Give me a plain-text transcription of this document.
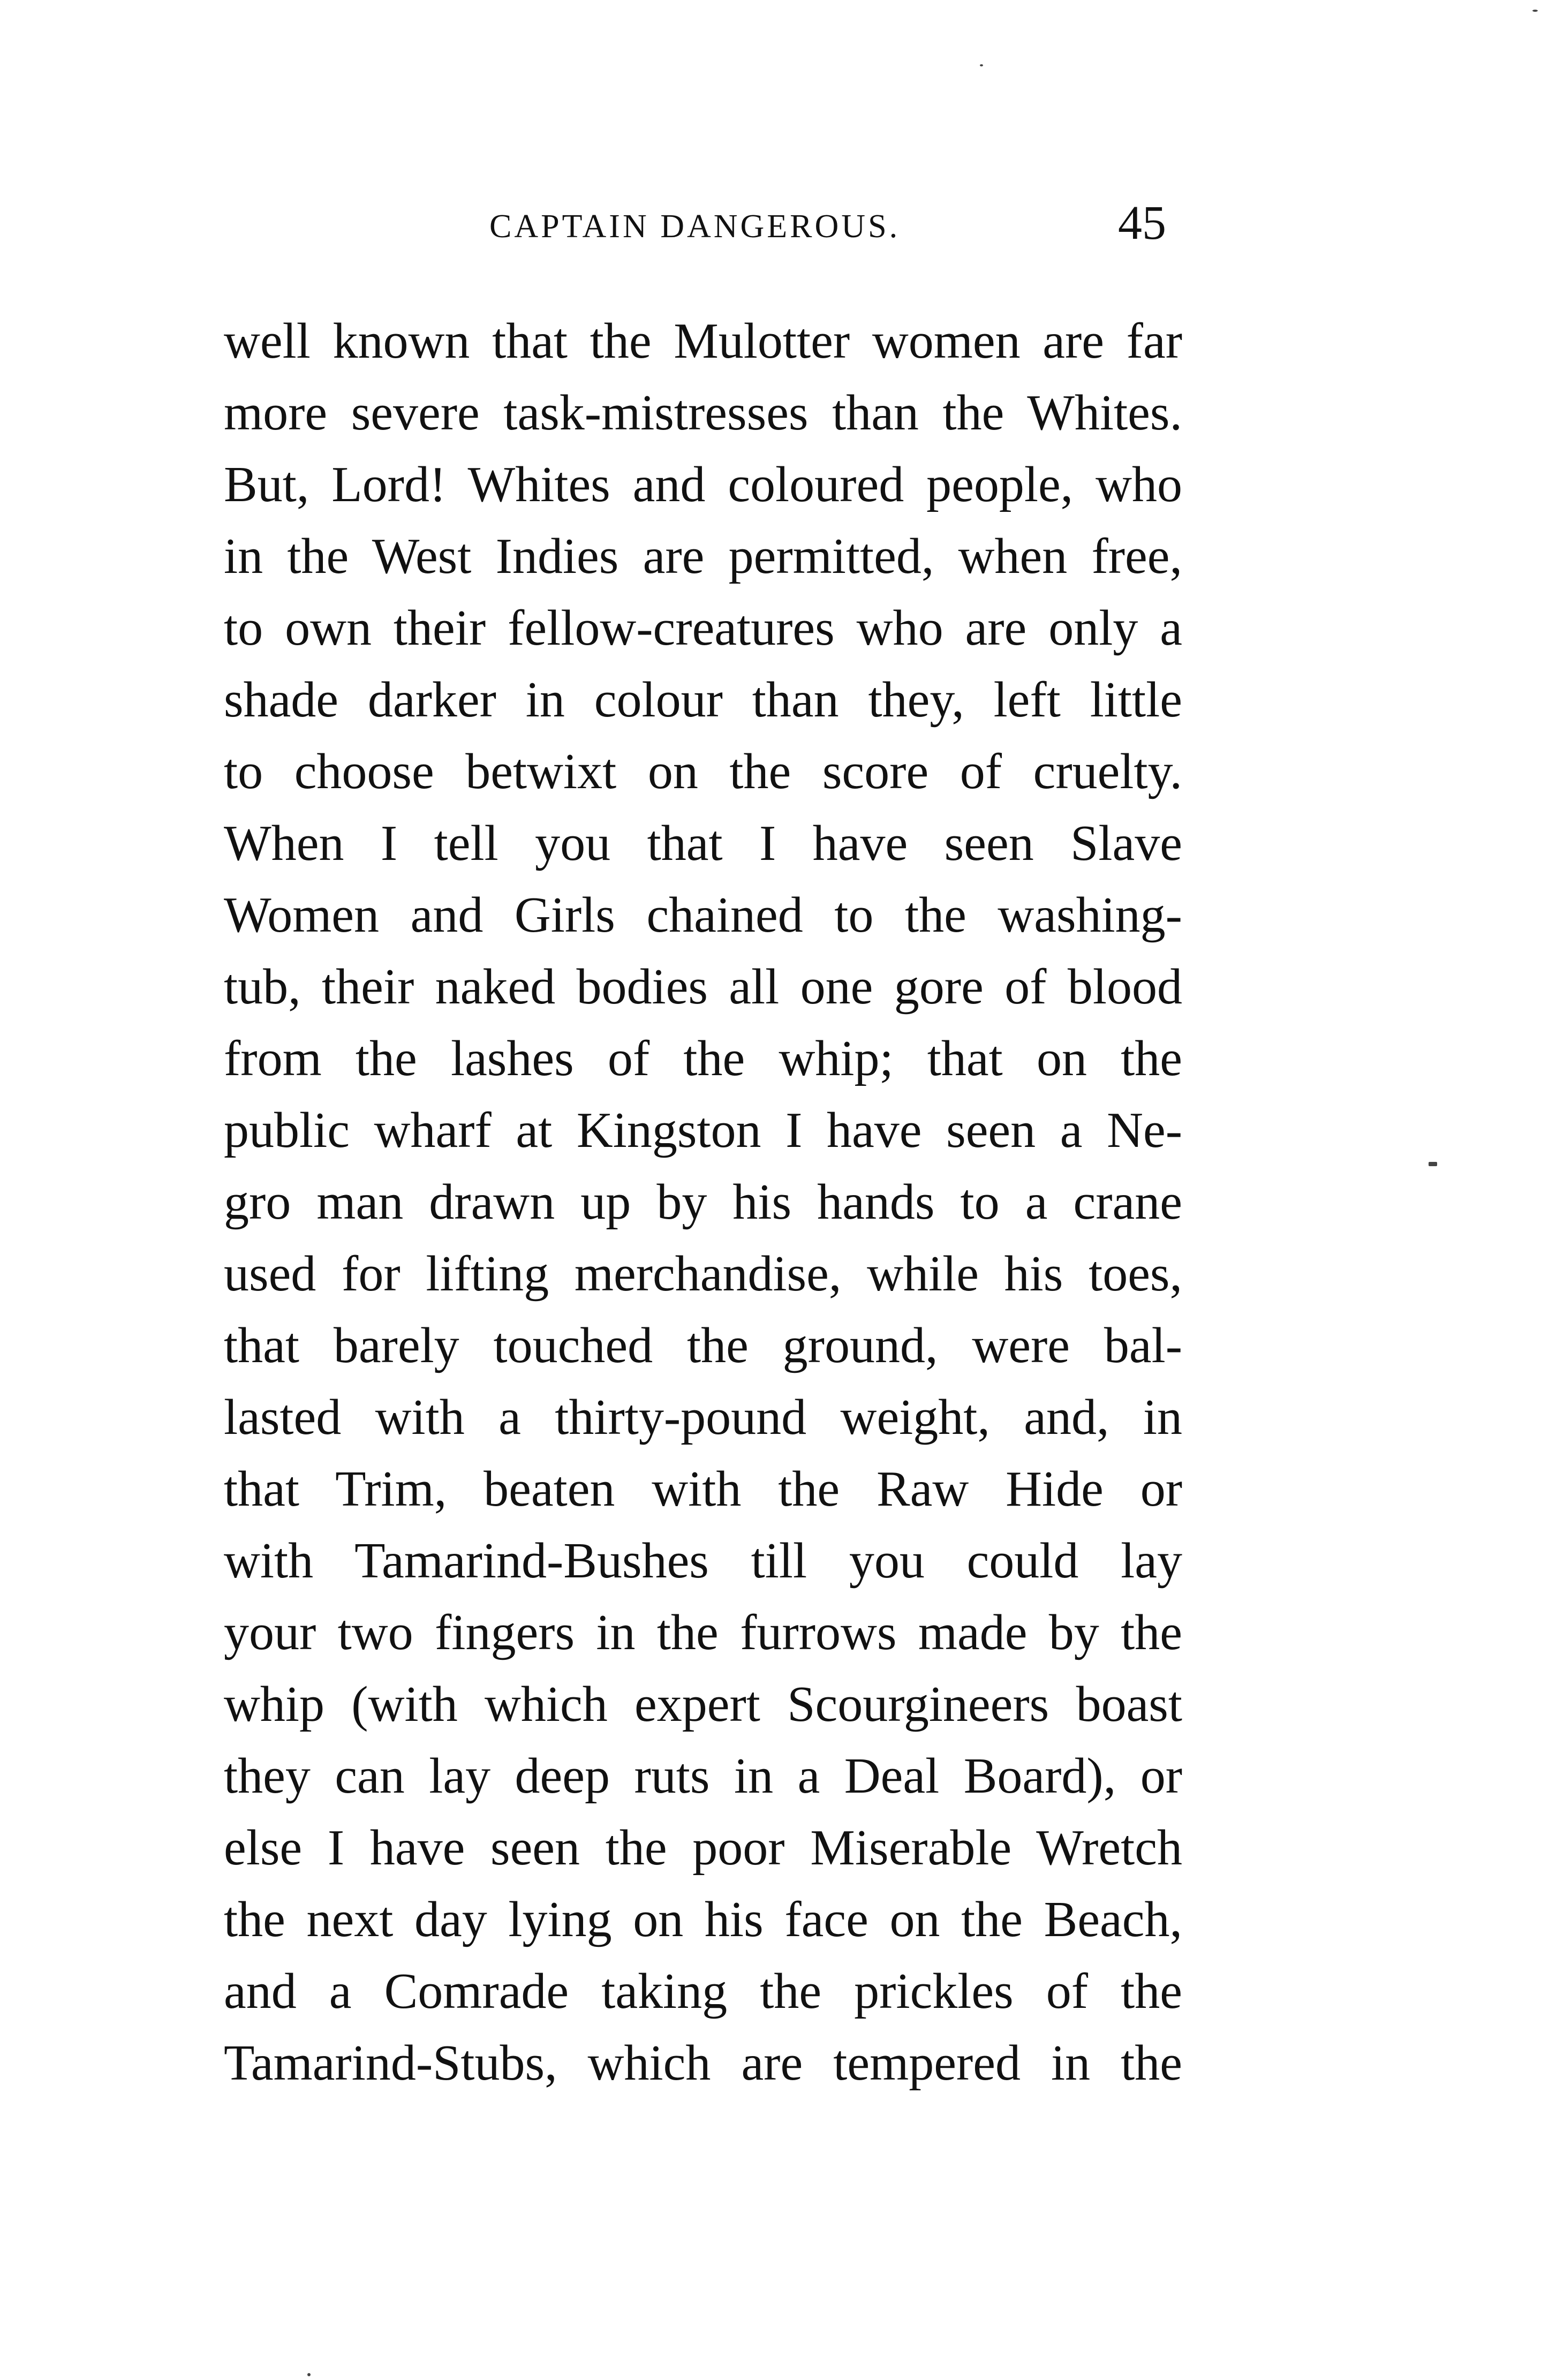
CAPTAIN DANGEROUS.	45
well known that the Mulotter women are far
more severe task-mistresses than the Whites.
But, Lord! Whites and coloured people, who
in the West Indies are permitted, when free,
to own their fellow-creatures who are only a
shade darker in colour than they, left little
to choose betwixt on the score of cruelty.
When I tell you that I have seen Slave
Women and Girls chained to the washing-
tub, their naked bodies all one gore of blood
from the lashes of the whip; that on the
public wharf at Kingston I have seen a Ne-
gro man drawn up by his hands to a crane
used for lifting merchandise, while his toes,
that barely touched the ground, were bal-
lasted with a thirty-pound weight, and, in
that Trim, beaten with the Raw Hide or
with Tamarind-Bushes till you could lay
your two fingers in the furrows made by the
whip (with which expert Scourgineers boast
they can lay deep ruts in a Deal Board), or
else I have seen the poor Miserable Wretch
the next day lying on his face on the Beach,
and a Comrade taking the prickles of the
Tamarind-Stubs, which are tempered in the
